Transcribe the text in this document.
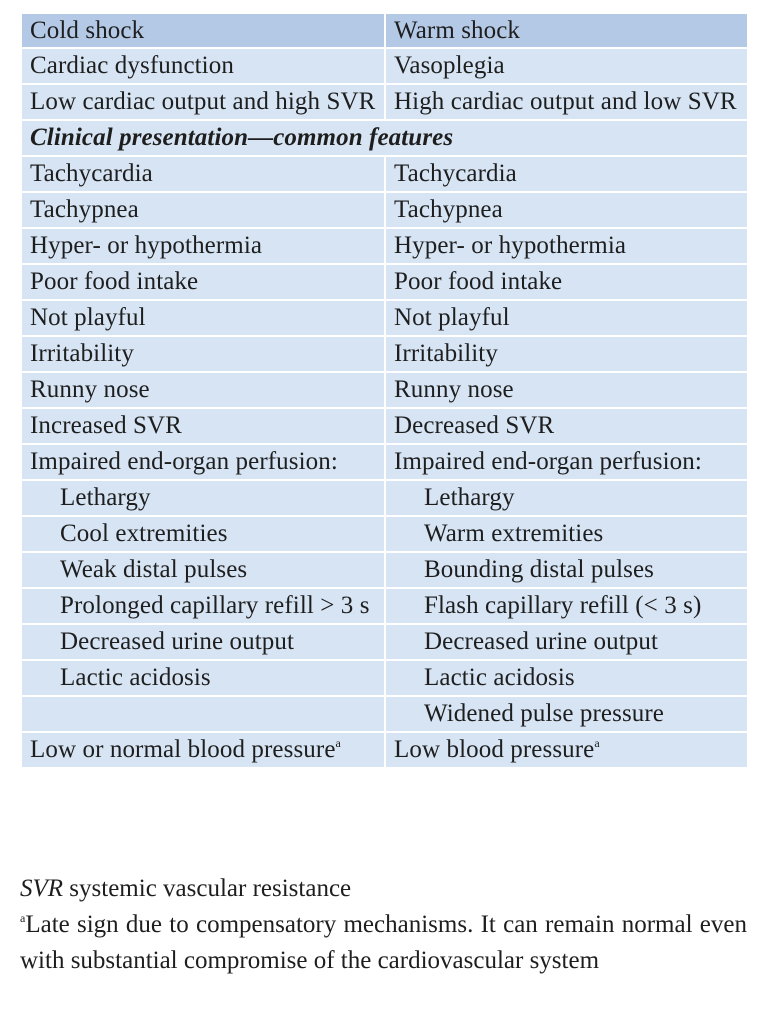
Cold shock	Warm shock
Cardiac dysfunction	Vasoplegia
Low cardiac output and high SVR	High cardiac output and low SVR
Clinical presentation—common features	
Tachycardia	Tachycardia
Tachypnea	Tachypnea
Hyper- or hypothermia	Hyper- or hypothermia
Poor food intake	Poor food intake
Not playful	Not playful
Irritability	Irritability
Runny nose	Runny nose
Increased SVR	Decreased SVR
Impaired end-organ perfusion:	Impaired end-organ perfusion:
Lethargy	Lethargy
Cool extremities	Warm extremities
Weak distal pulses	Bounding distal pulses
Prolonged capillary refill > 3 s	Flash capillary refill (< 3 s)
Decreased urine output	Decreased urine output
Lactic acidosis	Lactic acidosis
	Widened pulse pressure
Low or normal blood pressure$^a$	Low blood pressure$^a$

SVR systemic vascular resistance

$^a$Late sign due to compensatory mechanisms. It can remain normal even with substantial compromise of the cardiovascular system
